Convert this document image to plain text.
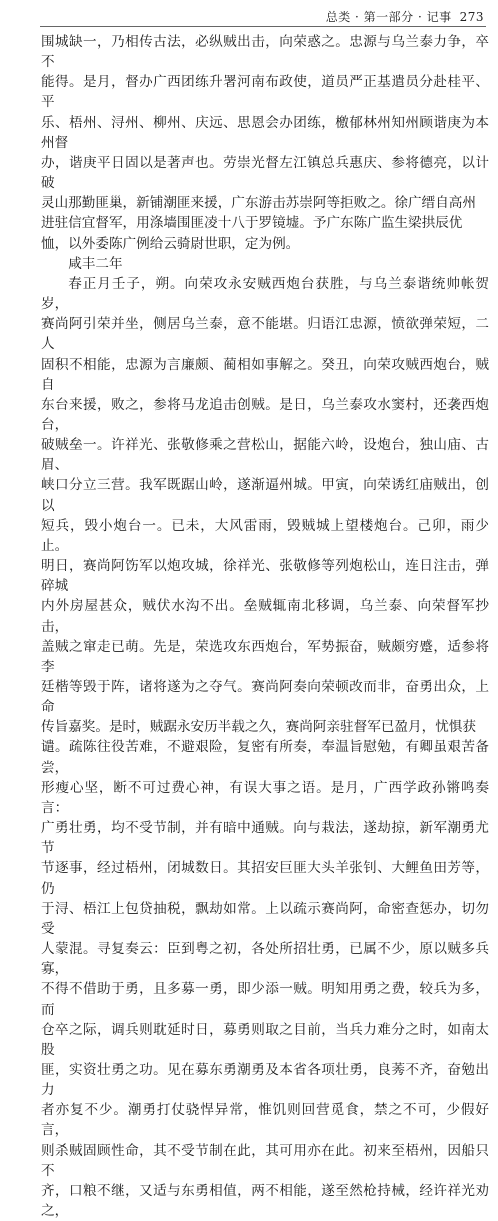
总类 · 第一部分 · 记事 273

围城缺一，乃相传古法，必纵贼出击，向荣惑之。忠源与乌兰泰力争，卒不
能得。是月，督办广西团练升署河南布政使，道员严正基遣员分赴桂平、平
乐、梧州、浔州、柳州、庆远、思恩会办团练，檄郁林州知州顾谐庚为本州督
办，谐庚平日固以是著声也。劳崇光督左江镇总兵惠庆、参将德亮，以计破
灵山那勤匪巢，新铺潮匪来援，广东游击苏崇阿等拒败之。徐广缙自高州
进驻信宜督军，用涤墙围匪凌十八于罗镜墟。予广东陈广监生梁拱辰优
恤，以外委陈广例给云骑尉世职，定为例。

咸丰二年

春正月壬子，朔。向荣攻永安贼西炮台获胜，与乌兰泰谐统帅帐贺岁，
赛尚阿引荣并坐，侧居乌兰泰，意不能堪。归语江忠源，愤欲弹荣短，二人
固积不相能，忠源为言廉颇、蔺相如事解之。癸丑，向荣攻贼西炮台，贼自
东台来援，败之，参将马龙追击创贼。是日，乌兰泰攻水窦村，还袭西炮台，
破贼垒一。许祥光、张敬修乘之营松山，据能六岭，设炮台，独山庙、古眉、
峡口分立三营。我军既踞山岭，遂渐逼州城。甲寅，向荣诱红庙贼出，创以
短兵，毁小炮台一。已未，大风雷雨，毁贼城上望楼炮台。己卯，雨少止。
明日，赛尚阿饬军以炮攻城，徐祥光、张敬修等列炮松山，连日注击，弹碎城
内外房屋甚众，贼伏水沟不出。垒贼辄南北移调，乌兰泰、向荣督军抄击，
盖贼之窜走已萌。先是，荣选攻东西炮台，军势振奋，贼颇穷蹙，适参将李
廷楷等毁于阵，诸将遂为之夺气。赛尚阿奏向荣顿改而非，奋勇出众，上命
传旨嘉奖。是时，贼踞永安历半载之久，赛尚阿亲驻督军已盈月，忧惧获
谴。疏陈往役苦难，不避艰险，复密有所奏，奉温旨慰勉，有卿虽艰苦备尝，
形瘦心坚，断不可过费心神，有误大事之语。是月，广西学政孙锵鸣奏言：
广勇壮勇，均不受节制，并有暗中通贼。向与栽法，遂劫掠，新军潮勇尤节
节逐事，经过梧州，闭城数日。其招安巨匪大头羊张钊、大鲤鱼田芳等，仍
于浔、梧江上包贷抽税，飘劫如常。上以疏示赛尚阿，命密查惩办，切勿受
人蒙混。寻复奏云：臣到粤之初，各处所招壮勇，已属不少，原以贼多兵寡，
不得不借助于勇，且多募一勇，即少添一贼。明知用勇之费，较兵为多，而
仓卒之际，调兵则耽延时日，募勇则取之目前，当兵力难分之时，如南太股
匪，实资壮勇之功。见在募东勇潮勇及本省各项壮勇，良莠不齐，奋勉出力
者亦复不少。潮勇打仗骁悍异常，惟饥则回营觅食，禁之不可，少假好言，
则杀贼固顾性命，其不受节制在此，其可用亦在此。初来至梧州，因船只不
齐，口粮不继，又适与东勇相值，两不相能，遂至然枪持械，经许祥光劝之，
